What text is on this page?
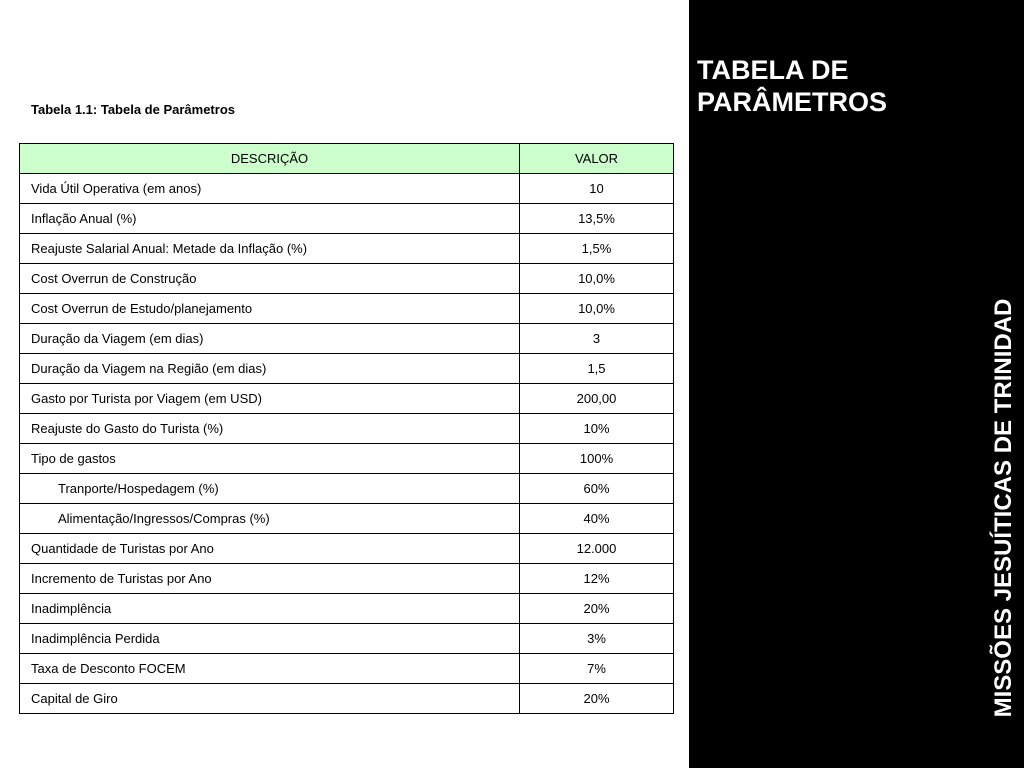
TABELA DE
PARÂMETROS
MISSÕES JESUÍTICAS DE TRINIDAD

Tabela 1.1: Tabela de Parâmetros

DESCRIÇÃO	VALOR
Vida Útil Operativa (em anos)	10
Inflação Anual (%)	13,5%
Reajuste Salarial Anual: Metade da Inflação (%)	1,5%
Cost Overrun de Construção	10,0%
Cost Overrun de Estudo/planejamento	10,0%
Duração da Viagem (em dias)	3
Duração da Viagem na Região (em dias)	1,5
Gasto por Turista por Viagem (em USD)	200,00
Reajuste do Gasto do Turista (%)	10%
Tipo de gastos	100%
Tranporte/Hospedagem (%)	60%
Alimentação/Ingressos/Compras (%)	40%
Quantidade de Turistas por Ano	12.000
Incremento de Turistas por Ano	12%
Inadimplência	20%
Inadimplência Perdida	3%
Taxa de Desconto FOCEM	7%
Capital de Giro	20%
